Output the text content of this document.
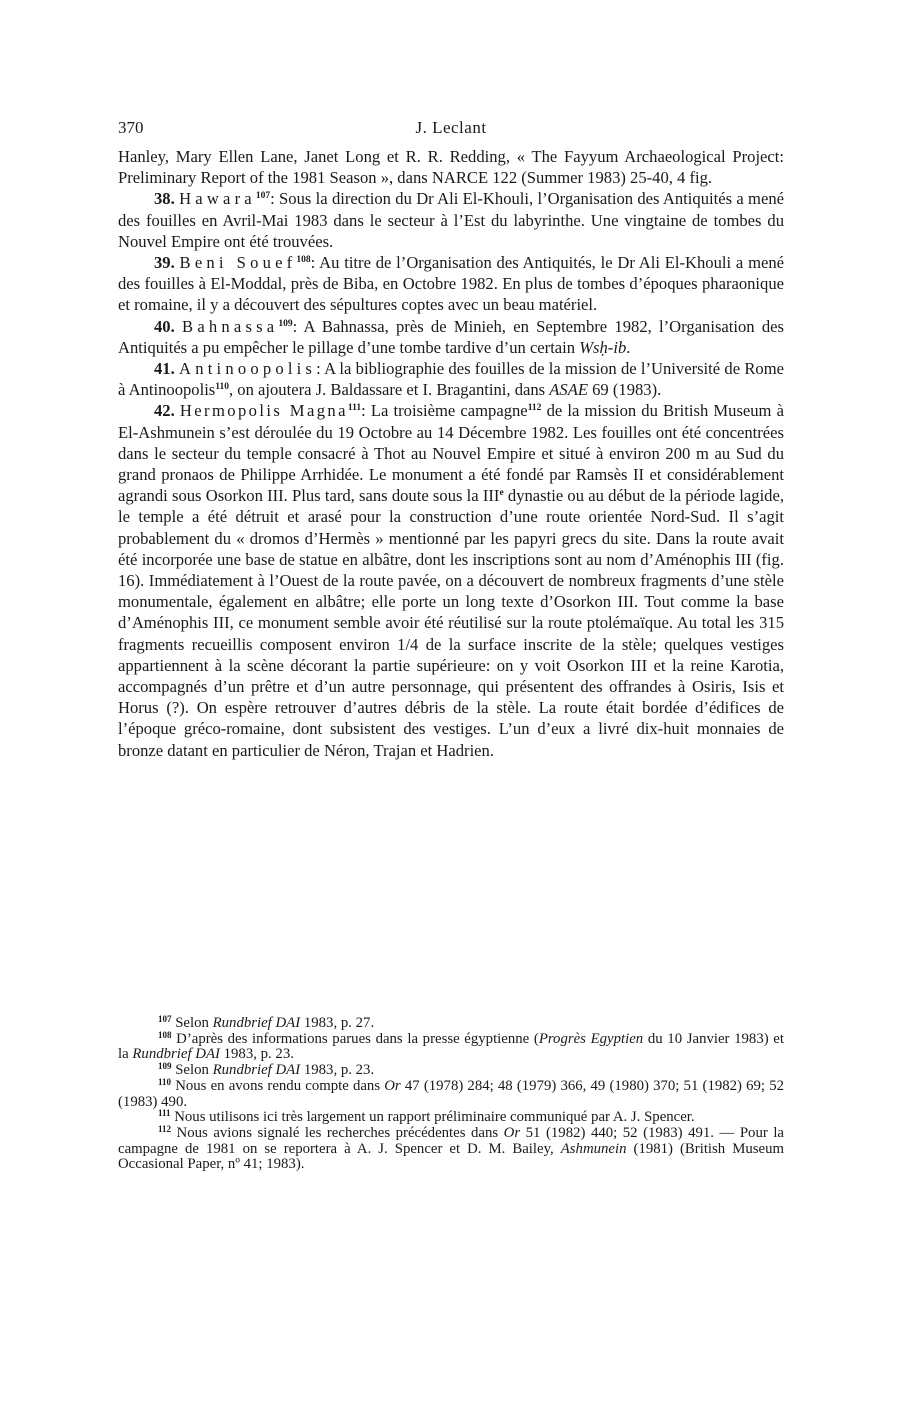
370	J. Leclant

Hanley, Mary Ellen Lane, Janet Long et R. R. Redding, « The Fayyum Archaeological Project: Preliminary Report of the 1981 Season », dans NARCE 122 (Summer 1983) 25-40, 4 fig.

38. Hawara$^{107}$: Sous la direction du Dr Ali El-Khouli, l’Organisation des Antiquités a mené des fouilles en Avril-Mai 1983 dans le secteur à l’Est du labyrinthe. Une vingtaine de tombes du Nouvel Empire ont été trouvées.

39. Beni Souef$^{108}$: Au titre de l’Organisation des Antiquités, le Dr Ali El-Khouli a mené des fouilles à El-Moddal, près de Biba, en Octobre 1982. En plus de tombes d’époques pharaonique et romaine, il y a découvert des sépultures coptes avec un beau matériel.

40. Bahnassa$^{109}$: A Bahnassa, près de Minieh, en Septembre 1982, l’Organisation des Antiquités a pu empêcher le pillage d’une tombe tardive d’un certain Wsḥ-ib.

41. Antinoopolis: A la bibliographie des fouilles de la mission de l’Université de Rome à Antinoopolis$^{110}$, on ajoutera J. Baldassare et I. Bragantini, dans ASAE 69 (1983).

42. Hermopolis Magna$^{111}$: La troisième campagne$^{112}$ de la mission du British Museum à El-Ashmunein s’est déroulée du 19 Octobre au 14 Décembre 1982. Les fouilles ont été concentrées dans le secteur du temple consacré à Thot au Nouvel Empire et situé à environ 200 m au Sud du grand pronaos de Philippe Arrhidée. Le monument a été fondé par Ramsès II et considérablement agrandi sous Osorkon III. Plus tard, sans doute sous la IIIe dynastie ou au début de la période lagide, le temple a été détruit et arasé pour la construction d’une route orientée Nord-Sud. Il s’agit probablement du « dromos d’Hermès » mentionné par les papyri grecs du site. Dans la route avait été incorporée une base de statue en albâtre, dont les inscriptions sont au nom d’Aménophis III (fig. 16). Immédiatement à l’Ouest de la route pavée, on a découvert de nombreux fragments d’une stèle monumentale, également en albâtre; elle porte un long texte d’Osorkon III. Tout comme la base d’Aménophis III, ce monument semble avoir été réutilisé sur la route ptolémaïque. Au total les 315 fragments recueillis composent environ 1/4 de la surface inscrite de la stèle; quelques vestiges appartiennent à la scène décorant la partie supérieure: on y voit Osorkon III et la reine Karotia, accompagnés d’un prêtre et d’un autre personnage, qui présentent des offrandes à Osiris, Isis et Horus (?). On espère retrouver d’autres débris de la stèle. La route était bordée d’édifices de l’époque gréco-romaine, dont subsistent des vestiges. L’un d’eux a livré dix-huit monnaies de bronze datant en particulier de Néron, Trajan et Hadrien.

$^{107}$ Selon Rundbrief DAI 1983, p. 27.

$^{108}$ D’après des informations parues dans la presse égyptienne (Progrès Egyptien du 10 Janvier 1983) et la Rundbrief DAI 1983, p. 23.

$^{109}$ Selon Rundbrief DAI 1983, p. 23.

$^{110}$ Nous en avons rendu compte dans Or 47 (1978) 284; 48 (1979) 366, 49 (1980) 370; 51 (1982) 69; 52 (1983) 490.

$^{111}$ Nous utilisons ici très largement un rapport préliminaire communiqué par A. J. Spencer.

$^{112}$ Nous avions signalé les recherches précédentes dans Or 51 (1982) 440; 52 (1983) 491. — Pour la campagne de 1981 on se reportera à A. J. Spencer et D. M. Bailey, Ashmunein (1981) (British Museum Occasional Paper, nº 41; 1983).
